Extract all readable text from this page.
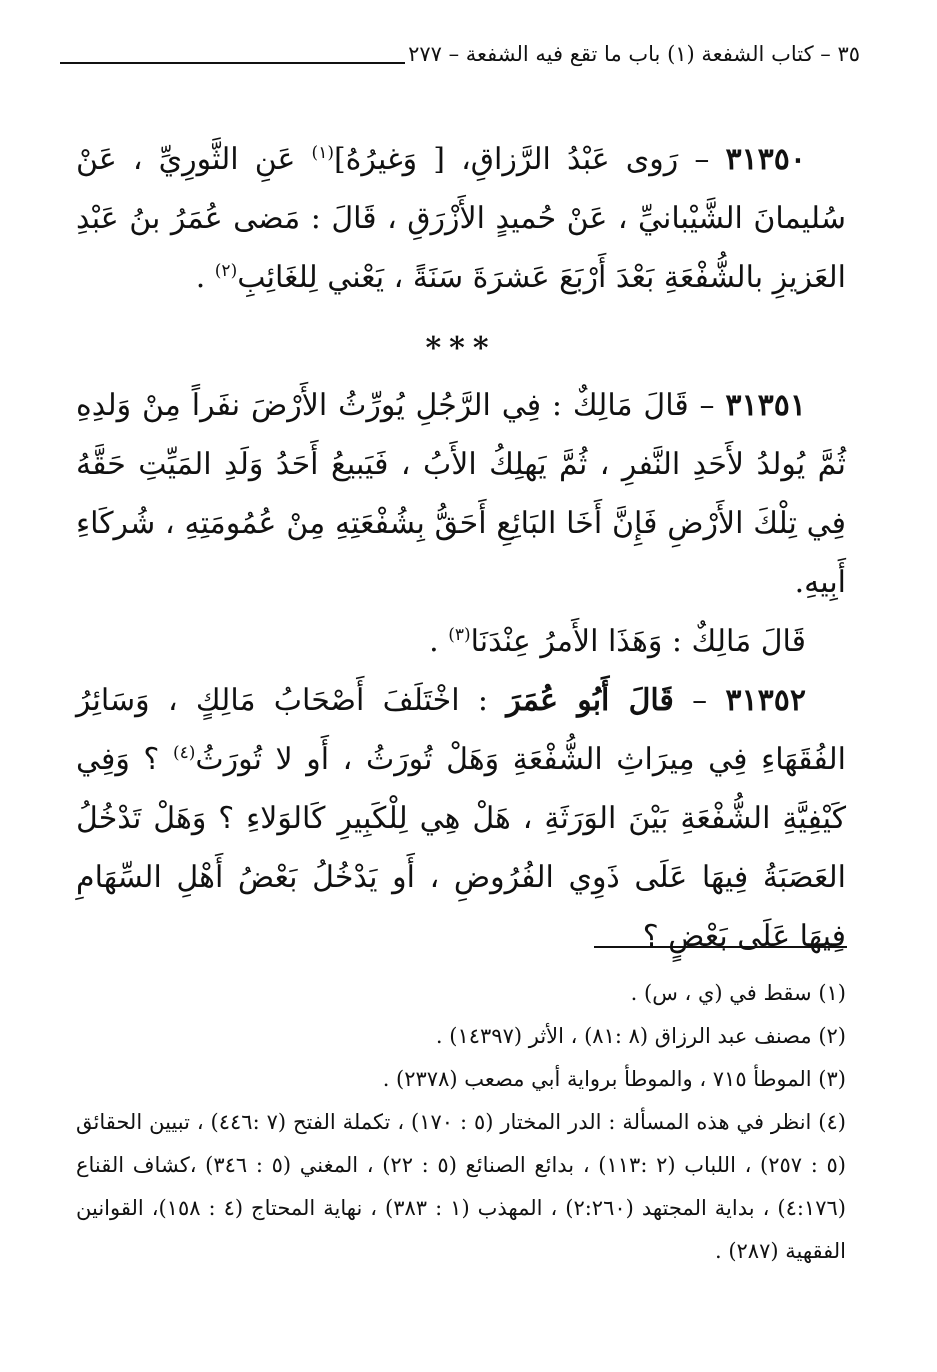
٣٥ – كتاب الشفعة (١) باب ما تقع فيه الشفعة – ٢٧٧

٣١٣٥٠ – رَوى عَبْدُ الرَّزاقِ، [ وَغيرُهُ]$^{(١)}$ عَنِ الثَّورِيِّ ، عَنْ سُليمانَ الشَّيْبانيِّ ، عَنْ حُميدٍ الأَزْرَقِ ، قَالَ : مَضى عُمَرُ بنُ عَبْدِ العَزيزِ بالشُّفْعَةِ بَعْدَ أَرْبَعَ عَشرَةَ سَنَةً ، يَعْني لِلغَائِبِ$^{(٢)}$ .

***

٣١٣٥١ – قَالَ مَالِكٌ : فِي الرَّجُلِ يُورِّثُ الأَرْضَ نفَراً مِنْ وَلدِهِ ثُمَّ يُولدُ لأَحَدِ النَّفرِ ، ثُمَّ يَهلِكُ الأَبُ ، فَيَبيعُ أَحَدُ وَلَدِ المَيِّتِ حَقَّهُ فِي تِلْكَ الأَرْضِ فَإِنَّ أَخَا البَائِعِ أَحَقُّ بِشُفْعَتِهِ مِنْ عُمُومَتِهِ ، شُركَاءِ أَبِيهِ.

قَالَ مَالِكٌ : وَهَذَا الأَمرُ عِنْدَنَا$^{(٣)}$ .

٣١٣٥٢ – قَالَ أَبُو عُمَرَ : اخْتَلَفَ أَصْحَابُ مَالِكٍ ، وَسَائِرُ الفُقَهَاءِ فِي مِيرَاثِ الشُّفْعَةِ وَهَلْ تُورَثُ ، أَو لا تُورَثُ$^{(٤)}$ ؟ وَفِي كَيْفِيَّةِ الشُّفْعَةِ بَيْنَ الوَرَثَةِ ، هَلْ هِي لِلْكَبِيرِ كَالوَلاءِ ؟ وَهَلْ تَدْخُلُ العَصَبَةُ فِيهَا عَلَى ذَوِي الفُرُوضِ ، أَو يَدْخُلُ بَعْضُ أَهْلِ السِّهَامِ فِيهَا عَلَى بَعْضٍ ؟

(١) سقط في (ي ، س) .

(٢) مصنف عبد الرزاق (٨ :٨١) ، الأثر (١٤٣٩٧) .

(٣) الموطأ ٧١٥ ، والموطأ برواية أبي مصعب (٢٣٧٨) .

(٤) انظر في هذه المسألة : الدر المختار (٥ : ١٧٠) ، تكملة الفتح (٧ :٤٤٦) ، تبيين الحقائق (٥ : ٢٥٧) ، اللباب (٢ :١١٣) ، بدائع الصنائع (٥ : ٢٢) ، المغني (٥ : ٣٤٦) ،كشاف القناع (٤:١٧٦) ، بداية المجتهد (٢:٢٦٠) ، المهذب (١ : ٣٨٣) ، نهاية المحتاج (٤ : ١٥٨)، القوانين الفقهية (٢٨٧) .
